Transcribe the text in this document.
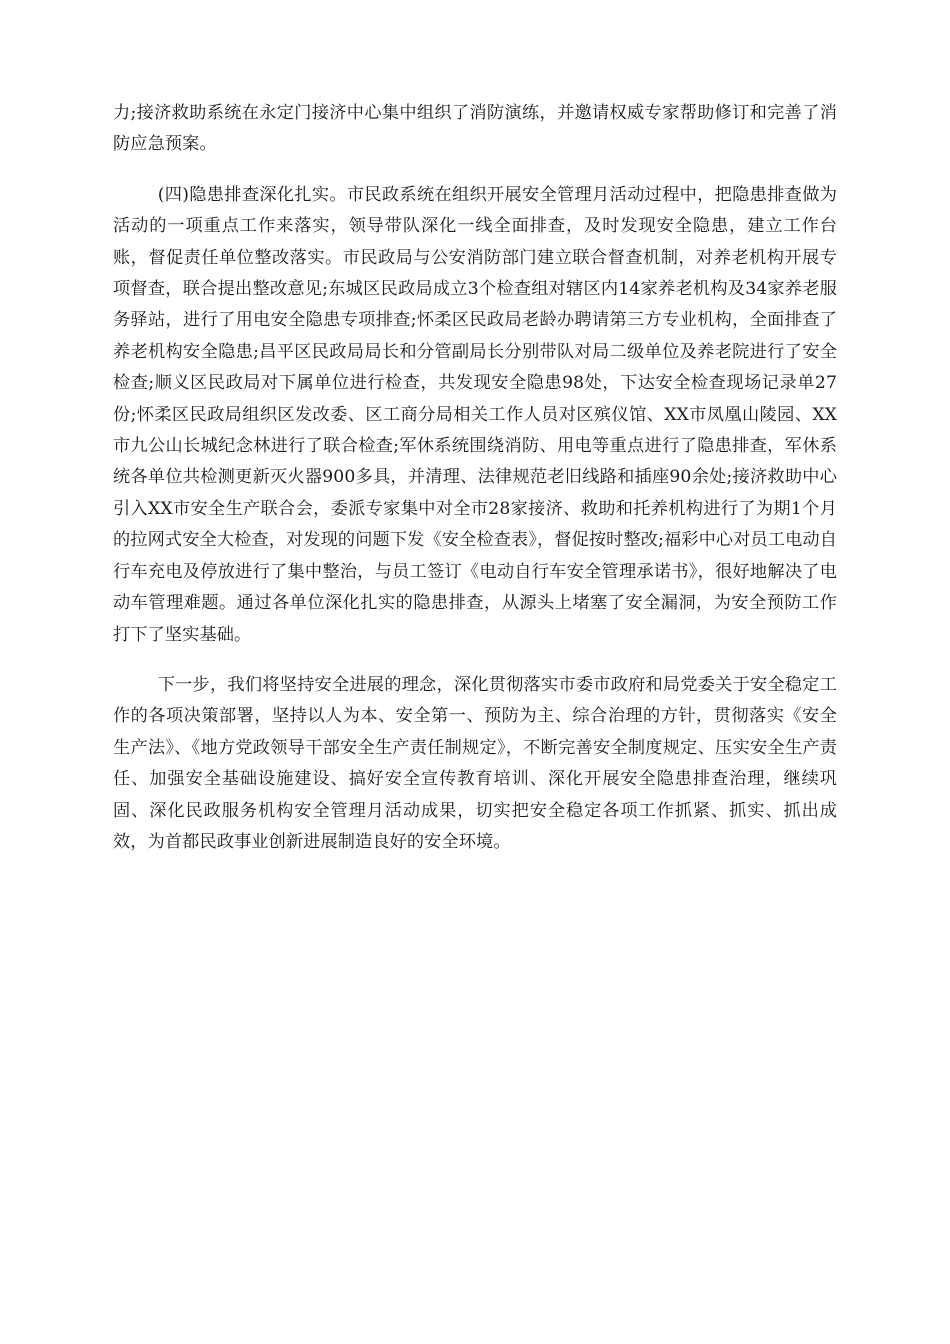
力;接济救助系统在永定门接济中心集中组织了消防演练，并邀请权威专家帮助修订和完善了消防应急预案。

(四)隐患排查深化扎实。市民政系统在组织开展安全管理月活动过程中，把隐患排查做为活动的一项重点工作来落实，领导带队深化一线全面排查，及时发现安全隐患，建立工作台账，督促责任单位整改落实。市民政局与公安消防部门建立联合督查机制，对养老机构开展专项督查，联合提出整改意见;东城区民政局成立3个检查组对辖区内14家养老机构及34家养老服务驿站，进行了用电安全隐患专项排查;怀柔区民政局老龄办聘请第三方专业机构，全面排查了养老机构安全隐患;昌平区民政局局长和分管副局长分别带队对局二级单位及养老院进行了安全检查;顺义区民政局对下属单位进行检查，共发现安全隐患98处，下达安全检查现场记录单27份;怀柔区民政局组织区发改委、区工商分局相关工作人员对区殡仪馆、XX市凤凰山陵园、XX市九公山长城纪念林进行了联合检查;军休系统围绕消防、用电等重点进行了隐患排查，军休系统各单位共检测更新灭火器900多具，并清理、法律规范老旧线路和插座90余处;接济救助中心引入XX市安全生产联合会，委派专家集中对全市28家接济、救助和托养机构进行了为期1个月的拉网式安全大检查，对发现的问题下发《安全检查表》，督促按时整改;福彩中心对员工电动自行车充电及停放进行了集中整治，与员工签订《电动自行车安全管理承诺书》，很好地解决了电动车管理难题。通过各单位深化扎实的隐患排查，从源头上堵塞了安全漏洞，为安全预防工作打下了坚实基础。

下一步，我们将坚持安全进展的理念，深化贯彻落实市委市政府和局党委关于安全稳定工作的各项决策部署，坚持以人为本、安全第一、预防为主、综合治理的方针，贯彻落实《安全生产法》、《地方党政领导干部安全生产责任制规定》，不断完善安全制度规定、压实安全生产责任、加强安全基础设施建设、搞好安全宣传教育培训、深化开展安全隐患排查治理，继续巩固、深化民政服务机构安全管理月活动成果，切实把安全稳定各项工作抓紧、抓实、抓出成效，为首都民政事业创新进展制造良好的安全环境。
